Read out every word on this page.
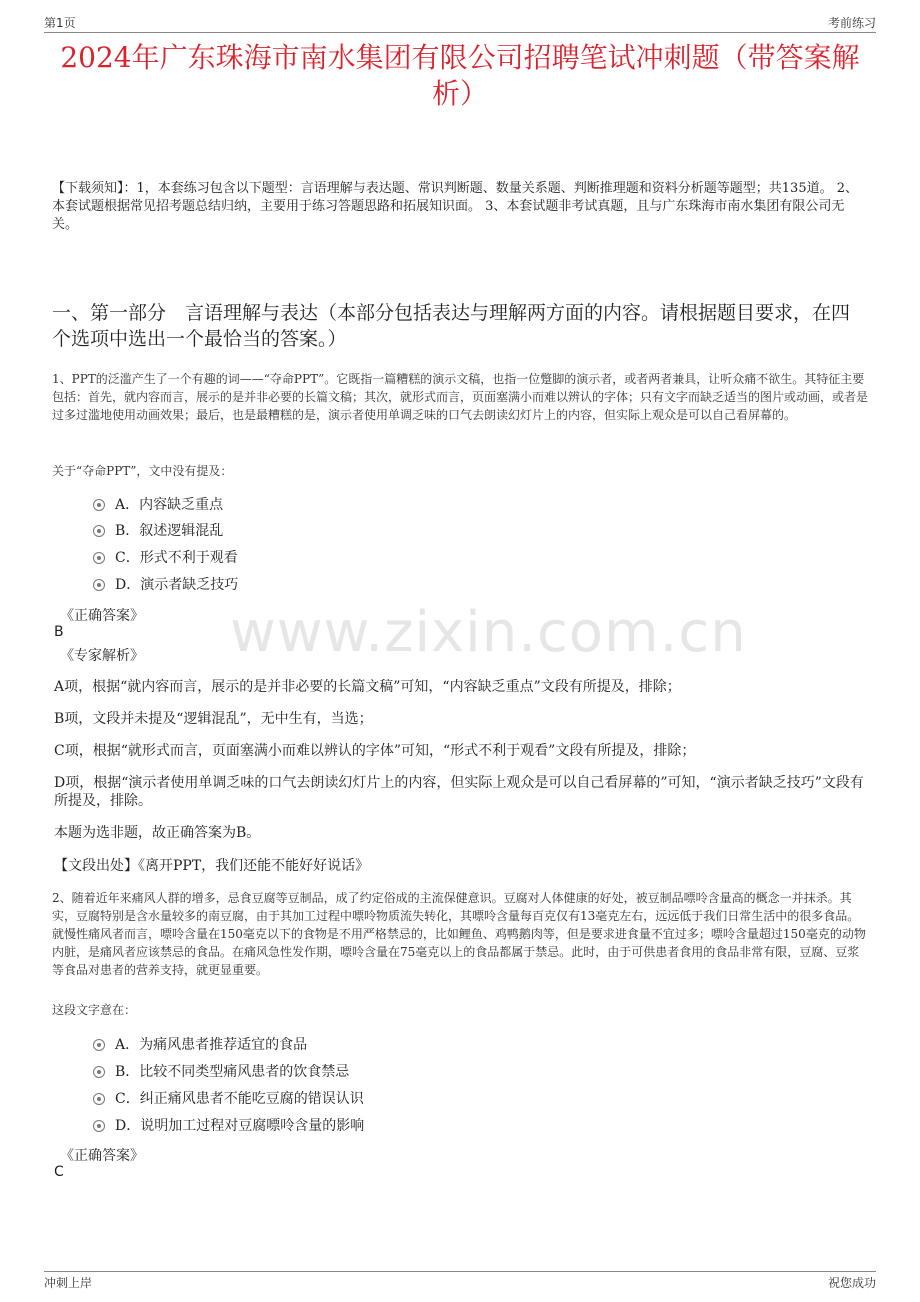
第1页	考前练习
2024年广东珠海市南水集团有限公司招聘笔试冲刺题（带答案解析）
【下载须知】：1，本套练习包含以下题型：言语理解与表达题、常识判断题、数量关系题、判断推理题和资料分析题等题型；共135道。 2、本套试题根据常见招考题总结归纳，主要用于练习答题思路和拓展知识面。 3、本套试题非考试真题，且与广东珠海市南水集团有限公司无关。
一、第一部分　言语理解与表达（本部分包括表达与理解两方面的内容。请根据题目要求，在四个选项中选出一个最恰当的答案。）
www.zixin.com.cn
1、PPT的泛滥产生了一个有趣的词——“夺命PPT”。它既指一篇糟糕的演示文稿，也指一位蹩脚的演示者，或者两者兼具，让听众痛不欲生。其特征主要包括：首先，就内容而言，展示的是并非必要的长篇文稿；其次，就形式而言，页面塞满小而难以辨认的字体；只有文字而缺乏适当的图片或动画，或者是过多过滥地使用动画效果；最后，也是最糟糕的是，演示者使用单调乏味的口气去朗读幻灯片上的内容，但实际上观众是可以自己看屏幕的。
关于“夺命PPT”，文中没有提及：
A．内容缺乏重点
B．叙述逻辑混乱
C．形式不利于观看
D．演示者缺乏技巧
《正确答案》
B
《专家解析》
A项，根据“就内容而言，展示的是并非必要的长篇文稿”可知，“内容缺乏重点”文段有所提及，排除；
B项，文段并未提及“逻辑混乱”，无中生有，当选；
C项，根据“就形式而言，页面塞满小而难以辨认的字体”可知，“形式不利于观看”文段有所提及，排除；
D项，根据“演示者使用单调乏味的口气去朗读幻灯片上的内容，但实际上观众是可以自己看屏幕的”可知，“演示者缺乏技巧”文段有所提及，排除。
本题为选非题，故正确答案为B。
【文段出处】《离开PPT，我们还能不能好好说话》
2、随着近年来痛风人群的增多，忌食豆腐等豆制品，成了约定俗成的主流保健意识。豆腐对人体健康的好处，被豆制品嘌呤含量高的概念一并抹杀。其实，豆腐特别是含水量较多的南豆腐，由于其加工过程中嘌呤物质流失转化，其嘌呤含量每百克仅有13毫克左右，远远低于我们日常生活中的很多食品。就慢性痛风者而言，嘌呤含量在150毫克以下的食物是不用严格禁忌的，比如鲤鱼、鸡鸭鹅肉等，但是要求进食量不宜过多；嘌呤含量超过150毫克的动物内脏，是痛风者应该禁忌的食品。在痛风急性发作期，嘌呤含量在75毫克以上的食品都属于禁忌。此时，由于可供患者食用的食品非常有限，豆腐、豆浆等食品对患者的营养支持，就更显重要。
这段文字意在：
A．为痛风患者推荐适宜的食品
B．比较不同类型痛风患者的饮食禁忌
C．纠正痛风患者不能吃豆腐的错误认识
D．说明加工过程对豆腐嘌呤含量的影响
《正确答案》
C
冲刺上岸	祝您成功
